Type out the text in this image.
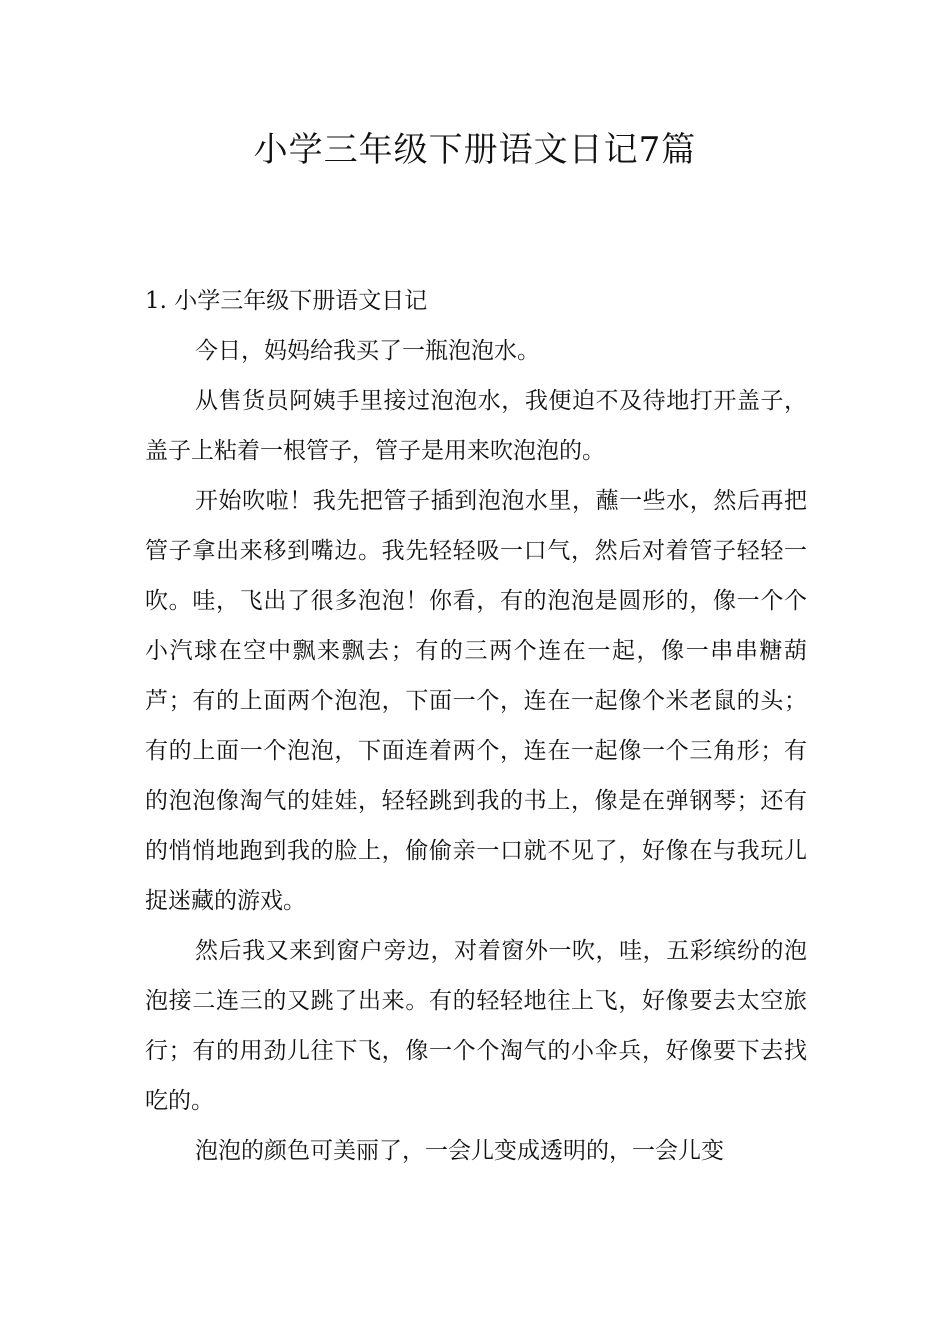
小学三年级下册语文日记7篇

1. 小学三年级下册语文日记

今日，妈妈给我买了一瓶泡泡水。

从售货员阿姨手里接过泡泡水，我便迫不及待地打开盖子，盖子上粘着一根管子，管子是用来吹泡泡的。

开始吹啦！我先把管子插到泡泡水里，蘸一些水，然后再把管子拿出来移到嘴边。我先轻轻吸一口气，然后对着管子轻轻一吹。哇，飞出了很多泡泡！你看，有的泡泡是圆形的，像一个个小汽球在空中飘来飘去；有的三两个连在一起，像一串串糖葫芦；有的上面两个泡泡，下面一个，连在一起像个米老鼠的头；有的上面一个泡泡，下面连着两个，连在一起像一个三角形；有的泡泡像淘气的娃娃，轻轻跳到我的书上，像是在弹钢琴；还有的悄悄地跑到我的脸上，偷偷亲一口就不见了，好像在与我玩儿捉迷藏的游戏。

然后我又来到窗户旁边，对着窗外一吹，哇，五彩缤纷的泡泡接二连三的又跳了出来。有的轻轻地往上飞，好像要去太空旅行；有的用劲儿往下飞，像一个个淘气的小伞兵，好像要下去找吃的。

泡泡的颜色可美丽了，一会儿变成透明的，一会儿变
